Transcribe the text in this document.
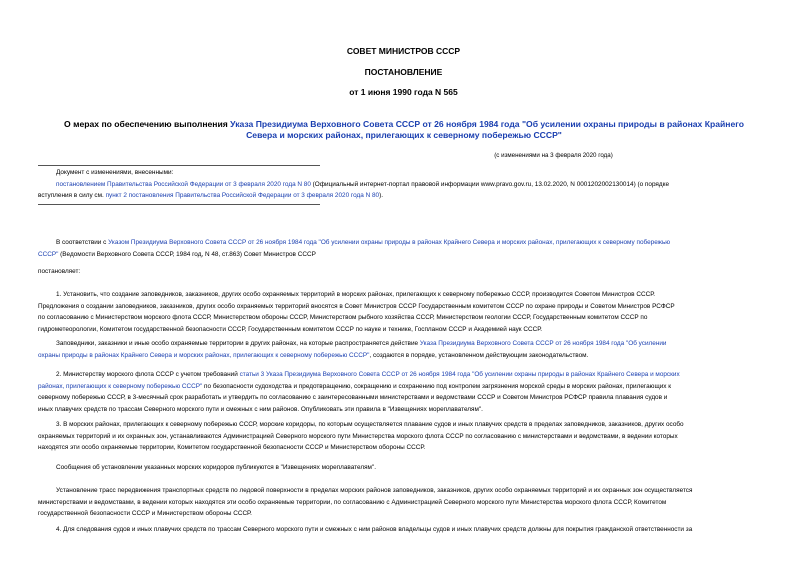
СОВЕТ МИНИСТРОВ СССР
ПОСТАНОВЛЕНИЕ
от 1 июня 1990 года N 565
О мерах по обеспечению выполнения Указа Президиума Верховного Совета СССР от 26 ноября 1984 года "Об усилении охраны природы в районах Крайнего
Севера и морских районах, прилегающих к северному побережью СССР"
(с изменениями на 3 февраля 2020 года)
Документ с изменениями, внесенными:
постановлением Правительства Российской Федерации от 3 февраля 2020 года N 80 (Официальный интернет-портал правовой информации www.pravo.gov.ru, 13.02.2020, N 0001202002130014) (о порядке
вступления в силу см. пункт 2 постановления Правительства Российской Федерации от 3 февраля 2020 года N 80).
В соответствии с Указом Президиума Верховного Совета СССР от 26 ноября 1984 года "Об усилении охраны природы в районах Крайнего Севера и морских районах, прилегающих к северному побережью
СССР" (Ведомости Верховного Совета СССР, 1984 год, N 48, ст.863) Совет Министров СССР
постановляет:
1. Установить, что создание заповедников, заказников, других особо охраняемых территорий в морских районах, прилегающих к северному побережью СССР, производится Советом Министров СССР.
Предложения о создании заповедников, заказников, других особо охраняемых территорий вносятся в Совет Министров СССР Государственным комитетом СССР по охране природы и Советом Министров РСФСР
по согласованию с Министерством морского флота СССР, Министерством обороны СССР, Министерством рыбного хозяйства СССР, Министерством геологии СССР, Государственным комитетом СССР по
гидрометеорологии, Комитетом государственной безопасности СССР, Государственным комитетом СССР по науке и технике, Госпланом СССР и Академией наук СССР.
Заповедники, заказники и иные особо охраняемые территории в других районах, на которые распространяется действие Указа Президиума Верховного Совета СССР от 26 ноября 1984 года "Об усилении
охраны природы в районах Крайнего Севера и морских районах, прилегающих к северному побережью СССР", создаются в порядке, установленном действующим законодательством.
2. Министерству морского флота СССР с учетом требований статьи 3 Указа Президиума Верховного Совета СССР от 26 ноября 1984 года "Об усилении охраны природы в районах Крайнего Севера и морских
районах, прилегающих к северному побережью СССР" по безопасности судоходства и предотвращению, сокращению и сохранению под контролем загрязнения морской среды в морских районах, прилегающих к
северному побережью СССР, в 3-месячный срок разработать и утвердить по согласованию с заинтересованными министерствами и ведомствами СССР и Советом Министров РСФСР правила плавания судов и
иных плавучих средств по трассам Северного морского пути и смежных с ним районов. Опубликовать эти правила в "Извещениях мореплавателям".
3. В морских районах, прилегающих к северному побережью СССР, морские коридоры, по которым осуществляется плавание судов и иных плавучих средств в пределах заповедников, заказников, других особо
охраняемых территорий и их охранных зон, устанавливаются Администрацией Северного морского пути Министерства морского флота СССР по согласованию с министерствами и ведомствами, в ведении которых
находятся эти особо охраняемые территории, Комитетом государственной безопасности СССР и Министерством обороны СССР.
Сообщения об установлении указанных морских коридоров публикуются в "Извещениях мореплавателям".
Установление трасс передвижения транспортных средств по ледовой поверхности в пределах морских районов заповедников, заказников, других особо охраняемых территорий и их охранных зон осуществляется
министерствами и ведомствами, в ведении которых находятся эти особо охраняемые территории, по согласованию с Администрацией Северного морского пути Министерства морского флота СССР, Комитетом
государственной безопасности СССР и Министерством обороны СССР.
4. Для следования судов и иных плавучих средств по трассам Северного морского пути и смежных с ним районов владельцы судов и иных плавучих средств должны для покрытия гражданской ответственности за
